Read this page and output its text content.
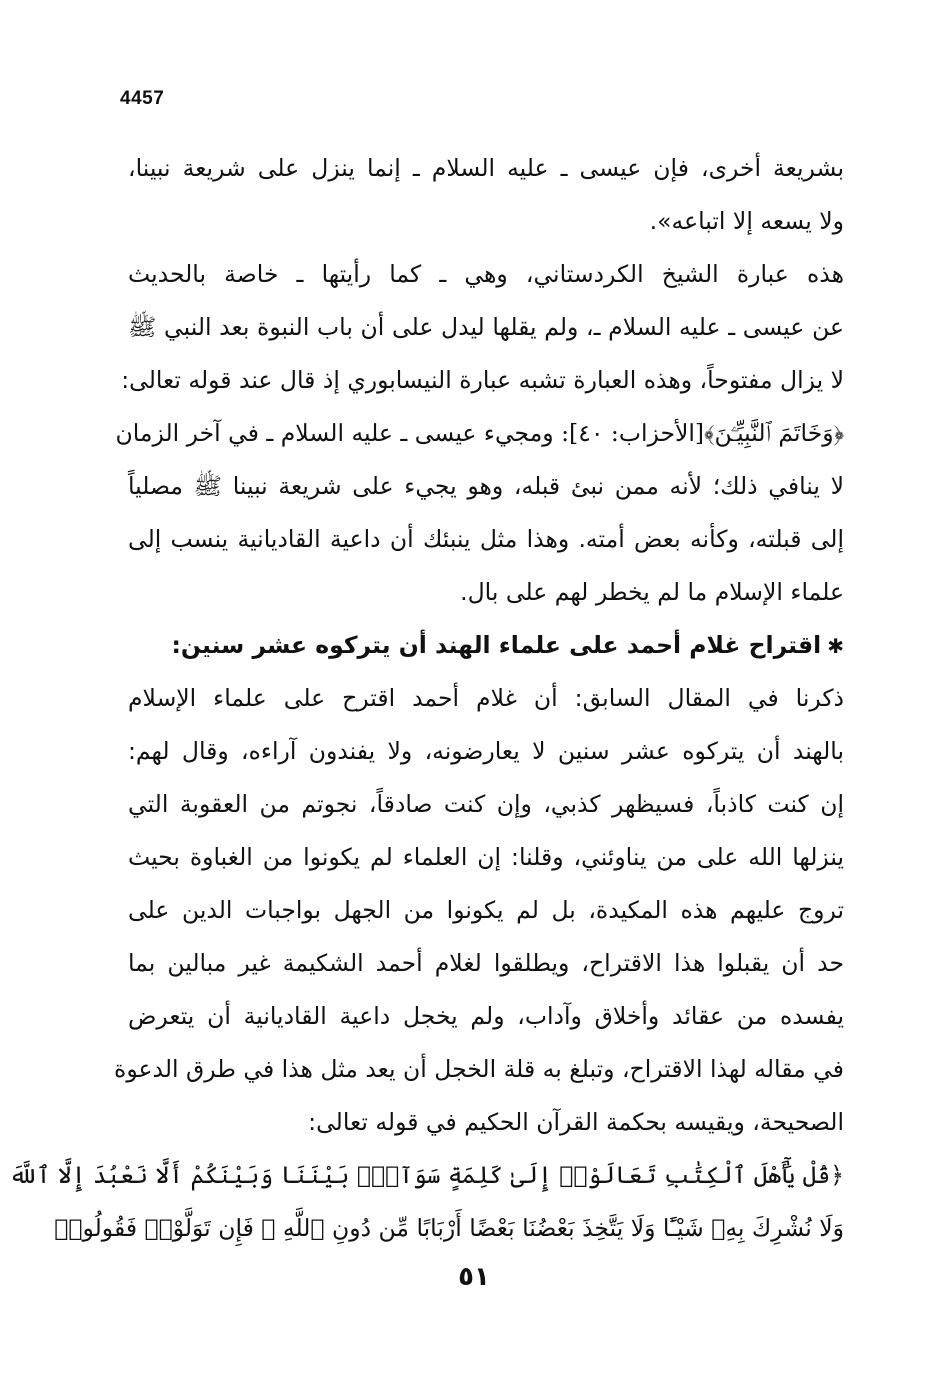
4457
بشريعة أخرى، فإن عيسى ـ عليه السلام ـ إنما ينزل على شريعة نبينا،
ولا يسعه إلا اتباعه».
هذه عبارة الشيخ الكردستاني، وهي ـ كما رأيتها ـ خاصة بالحديث
عن عيسى ـ عليه السلام ـ، ولم يقلها ليدل على أن باب النبوة بعد النبي ﷺ
لا يزال مفتوحاً، وهذه العبارة تشبه عبارة النيسابوري إذ قال عند قوله تعالى:
﴿وَخَاتَمَ ٱلنَّبِيِّـۧنَ﴾[الأحزاب: ٤٠]: ومجيء عيسى ـ عليه السلام ـ في آخر الزمان
لا ينافي ذلك؛ لأنه ممن نبئ قبله، وهو يجيء على شريعة نبينا ﷺ مصلياً
إلى قبلته، وكأنه بعض أمته. وهذا مثل ينبئك أن داعية القاديانية ينسب إلى
علماء الإسلام ما لم يخطر لهم على بال.
✱اقتراح غلام أحمد على علماء الهند أن يتركوه عشر سنين:
ذكرنا في المقال السابق: أن غلام أحمد اقترح على علماء الإسلام
بالهند أن يتركوه عشر سنين لا يعارضونه، ولا يفندون آراءه، وقال لهم:
إن كنت كاذباً، فسيظهر كذبي، وإن كنت صادقاً، نجوتم من العقوبة التي
ينزلها الله على من يناوئني، وقلنا: إن العلماء لم يكونوا من الغباوة بحيث
تروج عليهم هذه المكيدة، بل لم يكونوا من الجهل بواجبات الدين على
حد أن يقبلوا هذا الاقتراح، ويطلقوا لغلام أحمد الشكيمة غير مبالين بما
يفسده من عقائد وأخلاق وآداب، ولم يخجل داعية القاديانية أن يتعرض
في مقاله لهذا الاقتراح، وتبلغ به قلة الخجل أن يعد مثل هذا في طرق الدعوة
الصحيحة، ويقيسه بحكمة القرآن الحكيم في قوله تعالى:
﴿قُلْ يَٰٓأَهْلَ ٱلْكِتَٰبِ تَعَالَوْا۟ إِلَىٰ كَلِمَةٍ سَوَآءٍۭ بَيْنَنَا وَبَيْنَكُمْ أَلَّا نَعْبُدَ إِلَّا ٱللَّهَ
وَلَا نُشْرِكَ بِهِۦ شَيْـًٔا وَلَا يَتَّخِذَ بَعْضُنَا بَعْضًا أَرْبَابًا مِّن دُونِ ٱللَّهِ ۚ فَإِن تَوَلَّوْا۟ فَقُولُوا۟
٥١
